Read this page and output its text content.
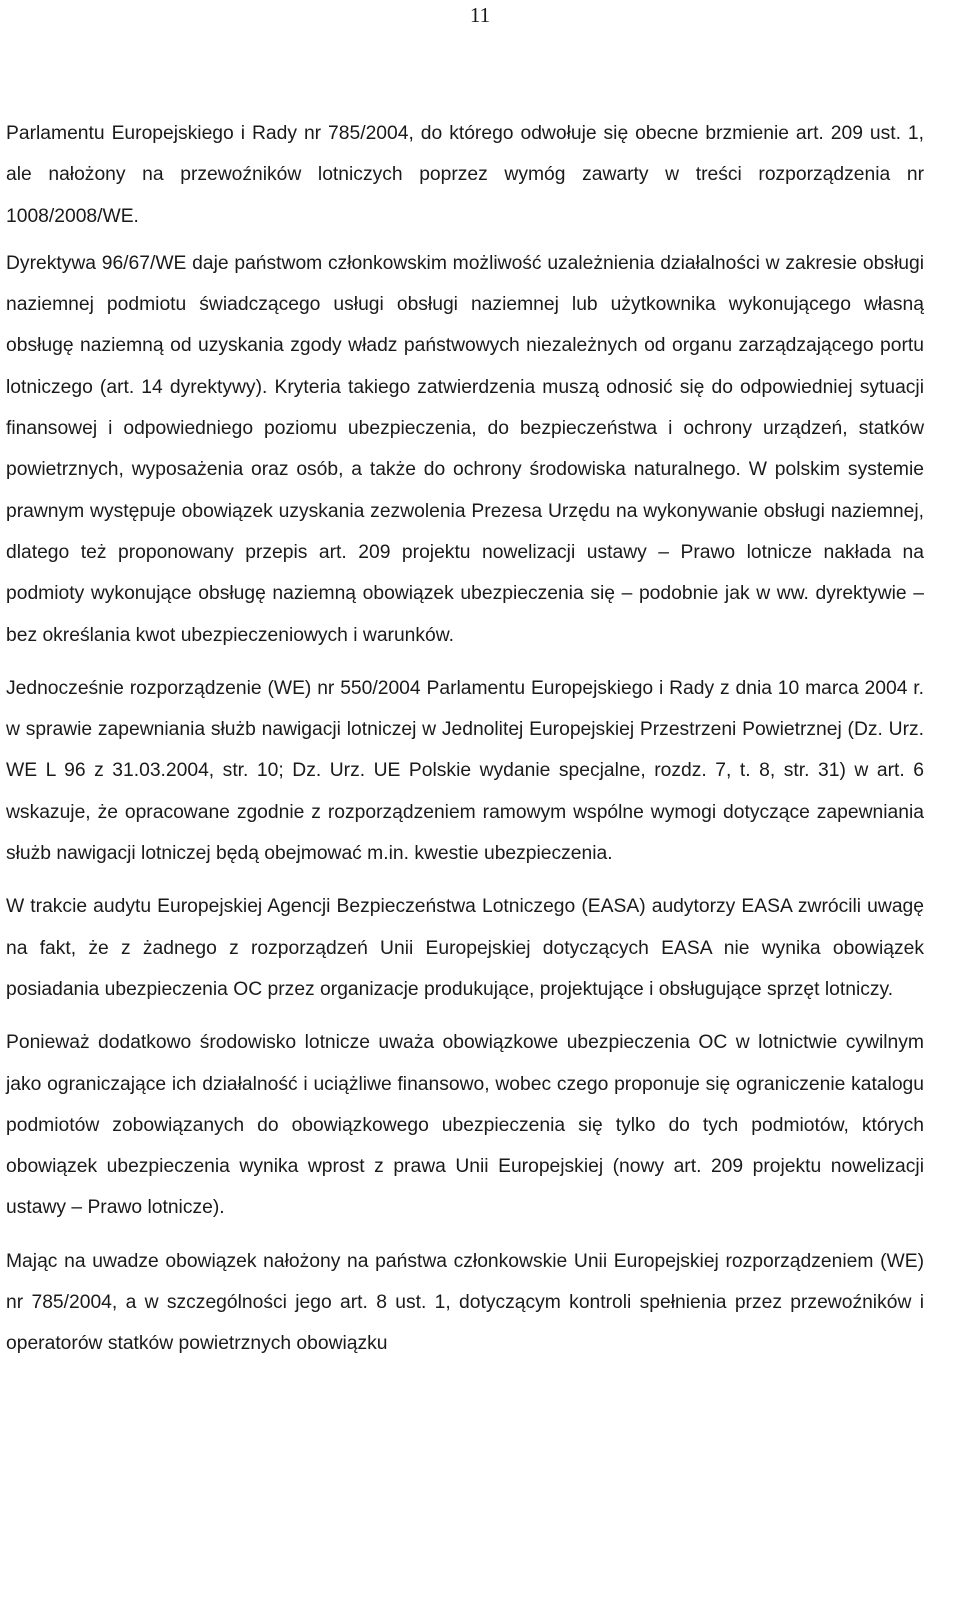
11

Parlamentu Europejskiego i Rady nr 785/2004, do którego odwołuje się obecne brzmienie art. 209 ust. 1, ale nałożony na przewoźników lotniczych poprzez wymóg zawarty w treści rozporządzenia nr 1008/2008/WE.

Dyrektywa 96/67/WE daje państwom członkowskim możliwość uzależnienia działalności w zakresie obsługi naziemnej podmiotu świadczącego usługi obsługi naziemnej lub użytkownika wykonującego własną obsługę naziemną od uzyskania zgody władz państwowych niezależnych od organu zarządzającego portu lotniczego (art. 14 dyrektywy). Kryteria takiego zatwierdzenia muszą odnosić się do odpowiedniej sytuacji finansowej i odpowiedniego poziomu ubezpieczenia, do bezpieczeństwa i ochrony urządzeń, statków powietrznych, wyposażenia oraz osób, a także do ochrony środowiska naturalnego. W polskim systemie prawnym występuje obowiązek uzyskania zezwolenia Prezesa Urzędu na wykonywanie obsługi naziemnej, dlatego też proponowany przepis art. 209 projektu nowelizacji ustawy – Prawo lotnicze nakłada na podmioty wykonujące obsługę naziemną obowiązek ubezpieczenia się – podobnie jak w ww. dyrektywie – bez określania kwot ubezpieczeniowych i warunków.

Jednocześnie rozporządzenie (WE) nr 550/2004 Parlamentu Europejskiego i Rady z dnia 10 marca 2004 r. w sprawie zapewniania służb nawigacji lotniczej w Jednolitej Europejskiej Przestrzeni Powietrznej (Dz. Urz. WE L 96 z 31.03.2004, str. 10; Dz. Urz. UE Polskie wydanie specjalne, rozdz. 7, t. 8, str. 31) w art. 6 wskazuje, że opracowane zgodnie z rozporządzeniem ramowym wspólne wymogi dotyczące zapewniania służb nawigacji lotniczej będą obejmować m.in. kwestie ubezpieczenia.

W trakcie audytu Europejskiej Agencji Bezpieczeństwa Lotniczego (EASA) audytorzy EASA zwrócili uwagę na fakt, że z żadnego z rozporządzeń Unii Europejskiej dotyczących EASA nie wynika obowiązek posiadania ubezpieczenia OC przez organizacje produkujące, projektujące i obsługujące sprzęt lotniczy.

Ponieważ dodatkowo środowisko lotnicze uważa obowiązkowe ubezpieczenia OC w lotnictwie cywilnym jako ograniczające ich działalność i uciążliwe finansowo, wobec czego proponuje się ograniczenie katalogu podmiotów zobowiązanych do obowiązkowego ubezpieczenia się tylko do tych podmiotów, których obowiązek ubezpieczenia wynika wprost z prawa Unii Europejskiej (nowy art. 209 projektu nowelizacji ustawy – Prawo lotnicze).

Mając na uwadze obowiązek nałożony na państwa członkowskie Unii Europejskiej rozporządzeniem (WE) nr 785/2004, a w szczególności jego art. 8 ust. 1, dotyczącym kontroli spełnienia przez przewoźników i operatorów statków powietrznych obowiązku
